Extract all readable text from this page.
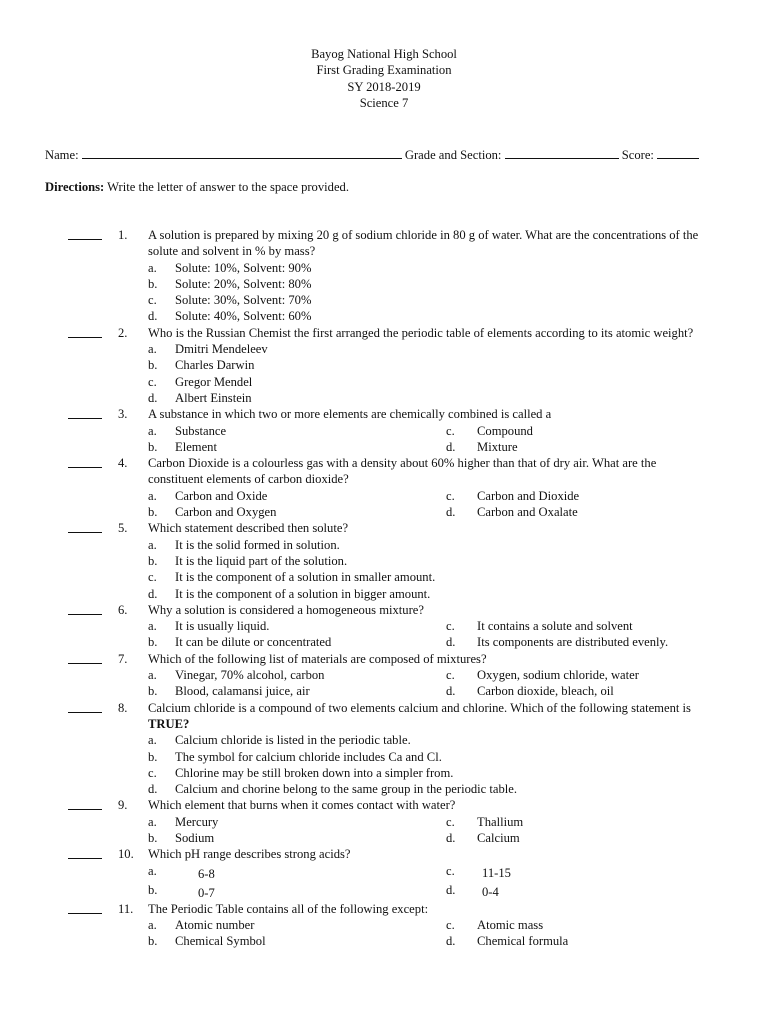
Bayog National High School
First Grading Examination
SY 2018-2019
Science 7
Name:	Grade and Section:	Score:
Directions: Write the letter of answer to the space provided.
1. A solution is prepared by mixing 20 g of sodium chloride in 80 g of water. What are the concentrations of the solute and solvent in % by mass?
a. Solute: 10%, Solvent: 90%
b. Solute: 20%, Solvent: 80%
c. Solute: 30%, Solvent: 70%
d. Solute: 40%, Solvent: 60%
2. Who is the Russian Chemist the first arranged the periodic table of elements according to its atomic weight?
a. Dmitri Mendeleev
b. Charles Darwin
c. Gregor Mendel
d. Albert Einstein
3. A substance in which two or more elements are chemically combined is called a
a. Substance	c. Compound
b. Element	d. Mixture
4. Carbon Dioxide is a colourless gas with a density about 60% higher than that of dry air. What are the constituent elements of carbon dioxide?
a. Carbon and Oxide	c. Carbon and Dioxide
b. Carbon and Oxygen	d. Carbon and Oxalate
5. Which statement described then solute?
a. It is the solid formed in solution.
b. It is the liquid part of the solution.
c. It is the component of a solution in smaller amount.
d. It is the component of a solution in bigger amount.
6. Why a solution is considered a homogeneous mixture?
a. It is usually liquid.	c. It contains a solute and solvent
b. It can be dilute or concentrated	d. Its components are distributed evenly.
7. Which of the following list of materials are composed of mixtures?
a. Vinegar, 70% alcohol, carbon	c. Oxygen, sodium chloride, water
b. Blood, calamansi juice, air	d. Carbon dioxide, bleach, oil
8. Calcium chloride is a compound of two elements calcium and chlorine. Which of the following statement is TRUE?
a. Calcium chloride is listed in the periodic table.
b. The symbol for calcium chloride includes Ca and Cl.
c. Chlorine may be still broken down into a simpler from.
d. Calcium and chorine belong to the same group in the periodic table.
9. Which element that burns when it comes contact with water?
a. Mercury	c. Thallium
b. Sodium	d. Calcium
10. Which pH range describes strong acids?
a.	6-8	c. 11-15
b.	0-7	d. 0-4
11. The Periodic Table contains all of the following except:
a. Atomic number	c. Atomic mass
b. Chemical Symbol	d. Chemical formula
